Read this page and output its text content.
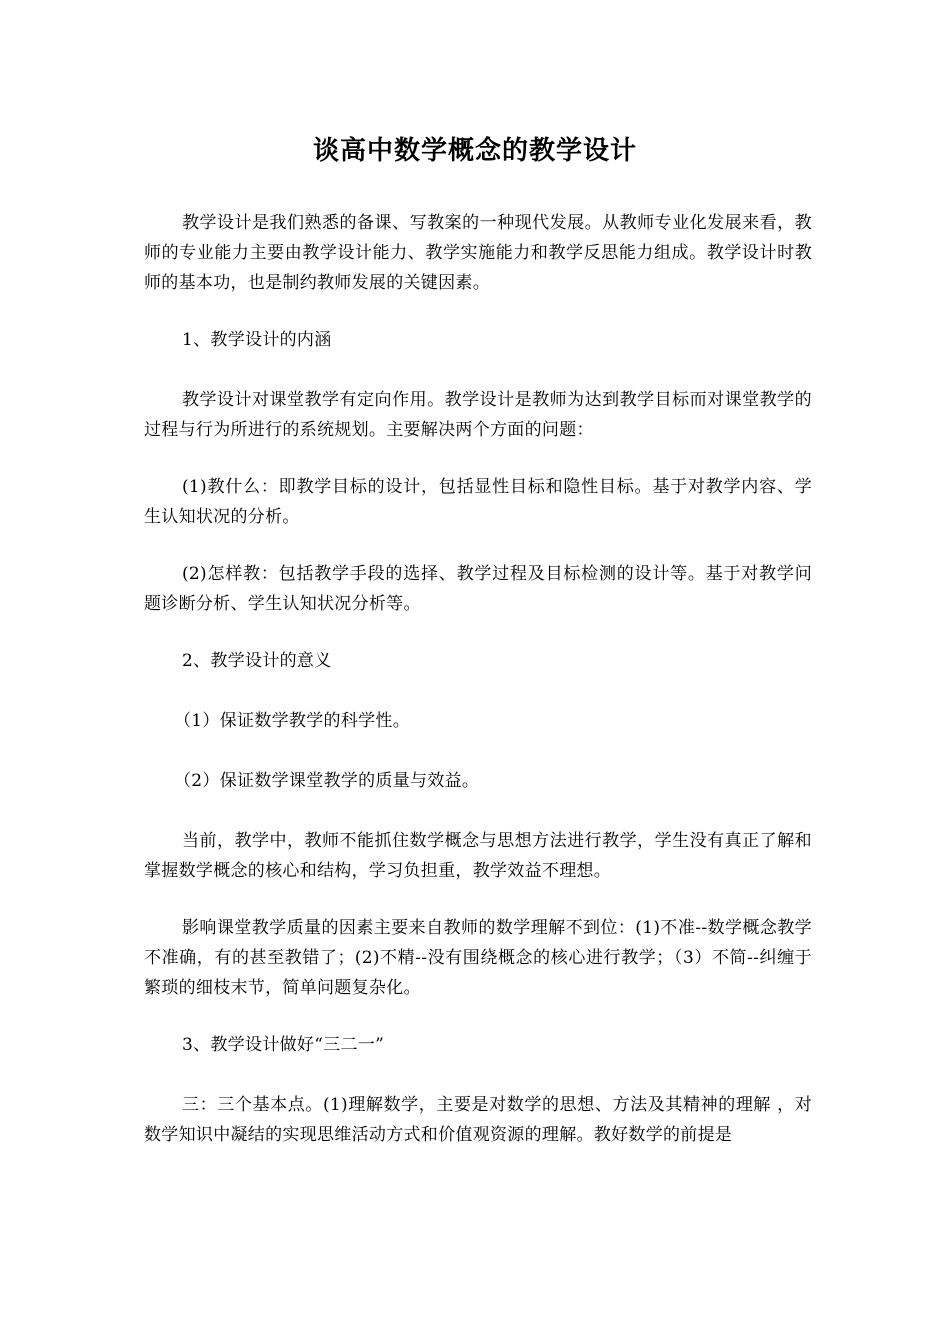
谈高中数学概念的教学设计

教学设计是我们熟悉的备课、写教案的一种现代发展。从教师专业化发展来看，教师的专业能力主要由教学设计能力、教学实施能力和教学反思能力组成。教学设计时教师的基本功，也是制约教师发展的关键因素。

1、教学设计的内涵

教学设计对课堂教学有定向作用。教学设计是教师为达到教学目标而对课堂教学的过程与行为所进行的系统规划。主要解决两个方面的问题：

(1)教什么：即教学目标的设计，包括显性目标和隐性目标。基于对教学内容、学生认知状况的分析。

(2)怎样教：包括教学手段的选择、教学过程及目标检测的设计等。基于对教学问题诊断分析、学生认知状况分析等。

2、教学设计的意义

（1）保证数学教学的科学性。

（2）保证数学课堂教学的质量与效益。

当前，教学中，教师不能抓住数学概念与思想方法进行教学，学生没有真正了解和掌握数学概念的核心和结构，学习负担重，教学效益不理想。

影响课堂教学质量的因素主要来自教师的数学理解不到位：(1)不准--数学概念教学不准确，有的甚至教错了；(2)不精--没有围绕概念的核心进行教学；（3）不简--纠缠于繁琐的细枝末节，简单问题复杂化。

3、教学设计做好“三二一”

三：三个基本点。(1)理解数学，主要是对数学的思想、方法及其精神的理解 ，对数学知识中凝结的实现思维活动方式和价值观资源的理解。教好数学的前提是
